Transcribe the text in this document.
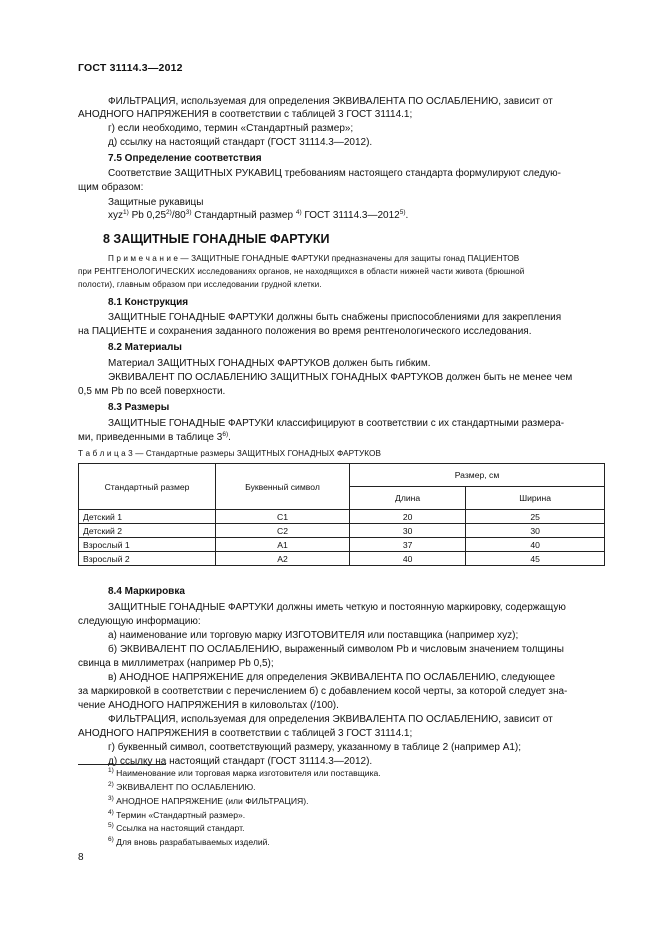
ГОСТ 31114.3—2012
ФИЛЬТРАЦИЯ, используемая для определения ЭКВИВАЛЕНТА ПО ОСЛАБЛЕНИЮ, зависит от
АНОДНОГО НАПРЯЖЕНИЯ в соответствии с таблицей 3 ГОСТ 31114.1;
г) если необходимо, термин «Стандартный размер»;
д) ссылку на настоящий стандарт (ГОСТ 31114.3—2012).
7.5 Определение соответствия
Соответствие ЗАЩИТНЫХ РУКАВИЦ требованиям настоящего стандарта формулируют следую-
щим образом:
Защитные рукавицы
xyz$^{1)}$ Pb 0,25$^{2)}$/80$^{3)}$ Стандартный размер $^{4)}$ ГОСТ 31114.3—2012$^{5)}$.
8 ЗАЩИТНЫЕ ГОНАДНЫЕ ФАРТУКИ
П р и м е ч а н и е — ЗАЩИТНЫЕ ГОНАДНЫЕ ФАРТУКИ предназначены для защиты гонад ПАЦИЕНТОВ
при РЕНТГЕНОЛОГИЧЕСКИХ исследованиях органов, не находящихся в области нижней части живота (брюшной
полости), главным образом при исследовании грудной клетки.
8.1 Конструкция
ЗАЩИТНЫЕ ГОНАДНЫЕ ФАРТУКИ должны быть снабжены приспособлениями для закрепления
на ПАЦИЕНТЕ и сохранения заданного положения во время рентгенологического исследования.
8.2 Материалы
Материал ЗАЩИТНЫХ ГОНАДНЫХ ФАРТУКОВ должен быть гибким.
ЭКВИВАЛЕНТ ПО ОСЛАБЛЕНИЮ ЗАЩИТНЫХ ГОНАДНЫХ ФАРТУКОВ должен быть не менее чем
0,5 мм Pb по всей поверхности.
8.3 Размеры
ЗАЩИТНЫЕ ГОНАДНЫЕ ФАРТУКИ классифицируют в соответствии с их стандартными размера-
ми, приведенными в таблице 3$^{6)}$.
Т а б л и ц а 3 — Стандартные размеры ЗАЩИТНЫХ ГОНАДНЫХ ФАРТУКОВ
Стандартный размер	Буквенный символ	Размер, см	
		Длина	Ширина
Детский 1	С1	20	25
Детский 2	С2	30	30
Взрослый 1	А1	37	40
Взрослый 2	А2	40	45
8.4 Маркировка
ЗАЩИТНЫЕ ГОНАДНЫЕ ФАРТУКИ должны иметь четкую и постоянную маркировку, содержащую
следующую информацию:
а) наименование или торговую марку ИЗГОТОВИТЕЛЯ или поставщика (например xyz);
б) ЭКВИВАЛЕНТ ПО ОСЛАБЛЕНИЮ, выраженный символом Pb и числовым значением толщины
свинца в миллиметрах (например Pb 0,5);
в) АНОДНОЕ НАПРЯЖЕНИЕ для определения ЭКВИВАЛЕНТА ПО ОСЛАБЛЕНИЮ, следующее
за маркировкой в соответствии с перечислением б) с добавлением косой черты, за которой следует зна-
чение АНОДНОГО НАПРЯЖЕНИЯ в киловольтах (/100).
ФИЛЬТРАЦИЯ, используемая для определения ЭКВИВАЛЕНТА ПО ОСЛАБЛЕНИЮ, зависит от
АНОДНОГО НАПРЯЖЕНИЯ в соответствии с таблицей 3 ГОСТ 31114.1;
г) буквенный символ, соответствующий размеру, указанному в таблице 2 (например А1);
д) ссылку на настоящий стандарт (ГОСТ 31114.3—2012).
$^{1)}$ Наименование или торговая марка изготовителя или поставщика.
$^{2)}$ ЭКВИВАЛЕНТ ПО ОСЛАБЛЕНИЮ.
$^{3)}$ АНОДНОЕ НАПРЯЖЕНИЕ (или ФИЛЬТРАЦИЯ).
$^{4)}$ Термин «Стандартный размер».
$^{5)}$ Ссылка на настоящий стандарт.
$^{6)}$ Для вновь разрабатываемых изделий.
8
